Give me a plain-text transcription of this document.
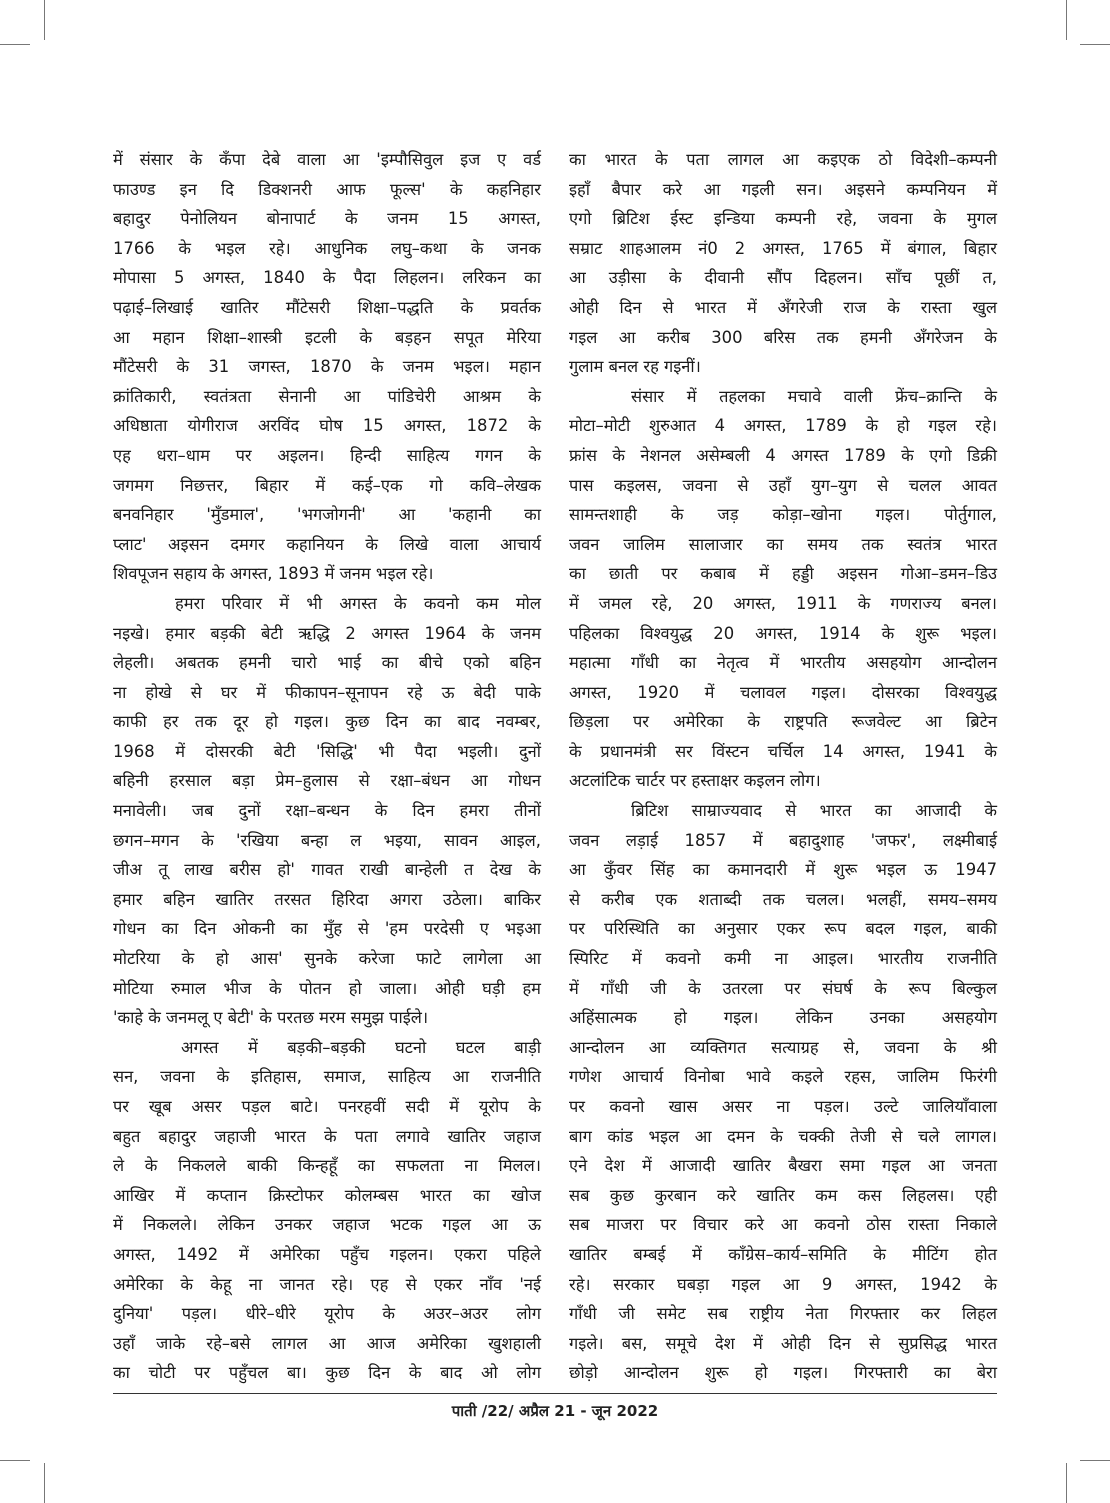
में संसार के कँपा देबे वाला आ 'इम्पौसिवुल इज ए वर्ड
फाउण्ड इन दि डिक्शनरी आफ फूल्स' के कहनिहार
बहादुर पेनोलियन बोनापार्ट के जनम 15 अगस्त,
1766 के भइल रहे। आधुनिक लघु–कथा के जनक
मोपासा 5 अगस्त, 1840 के पैदा लिहलन। लरिकन का
पढ़ाई–लिखाई खातिर मौंटेसरी शिक्षा–पद्धति के प्रवर्तक
आ महान शिक्षा–शास्त्री इटली के बड़हन सपूत मेरिया
मौंटेसरी के 31 जगस्त, 1870 के जनम भइल। महान
क्रांतिकारी, स्वतंत्रता सेनानी आ पांडिचेरी आश्रम के
अधिष्ठाता योगीराज अरविंद घोष 15 अगस्त, 1872 के
एह धरा–धाम पर अइलन। हिन्दी साहित्य गगन के
जगमग निछत्तर, बिहार में कई–एक गो कवि–लेखक
बनवनिहार 'मुँडमाल', 'भगजोगनी' आ 'कहानी का
प्लाट' अइसन दमगर कहानियन के लिखे वाला आचार्य
शिवपूजन सहाय के अगस्त, 1893 में जनम भइल रहे।
हमरा परिवार में भी अगस्त के कवनो कम मोल
नइखे। हमार बड़की बेटी ऋद्धि 2 अगस्त 1964 के जनम
लेहली। अबतक हमनी चारो भाई का बीचे एको बहिन
ना होखे से घर में फीकापन–सूनापन रहे ऊ बेदी पाके
काफी हर तक दूर हो गइल। कुछ दिन का बाद नवम्बर,
1968 में दोसरकी बेटी 'सिद्धि' भी पैदा भइली। दुनों
बहिनी हरसाल बड़ा प्रेम–हुलास से रक्षा–बंधन आ गोधन
मनावेली। जब दुनों रक्षा–बन्धन के दिन हमरा तीनों
छगन–मगन के 'रखिया बन्हा ल भइया, सावन आइल,
जीअ तू लाख बरीस हो' गावत राखी बान्हेली त देख के
हमार बहिन खातिर तरसत हिरिदा अगरा उठेला। बाकिर
गोधन का दिन ओकनी का मुँह से 'हम परदेसी ए भइआ
मोटरिया के हो आस' सुनके करेजा फाटे लागेला आ
मोटिया रुमाल भीज के पोतन हो जाला। ओही घड़ी हम
'काहे के जनमलू ए बेटी' के परतछ मरम समुझ पाईले।
अगस्त में बड़की–बड़की घटनो घटल बाड़ी
सन, जवना के इतिहास, समाज, साहित्य आ राजनीति
पर खूब असर पड़ल बाटे। पनरहवीं सदी में यूरोप के
बहुत बहादुर जहाजी भारत के पता लगावे खातिर जहाज
ले के निकलले बाकी किन्हहूँ का सफलता ना मिलल।
आखिर में कप्तान क्रिस्टोफर कोलम्बस भारत का खोज
में निकलले। लेकिन उनकर जहाज भटक गइल आ ऊ
अगस्त, 1492 में अमेरिका पहुँच गइलन। एकरा पहिले
अमेरिका के केहू ना जानत रहे। एह से एकर नाँव 'नई
दुनिया' पड़ल। धीरे–धीरे यूरोप के अउर–अउर लोग
उहाँ जाके रहे–बसे लागल आ आज अमेरिका खुशहाली
का चोटी पर पहुँचल बा। कुछ दिन के बाद ओ लोग
का भारत के पता लागल आ कइएक ठो विदेशी–कम्पनी
इहाँ बैपार करे आ गइली सन। अइसने कम्पनियन में
एगो ब्रिटिश ईस्ट इन्डिया कम्पनी रहे, जवना के मुगल
सम्राट शाहआलम नं0 2 अगस्त, 1765 में बंगाल, बिहार
आ उड़ीसा के दीवानी सौंप दिहलन। साँच पूछीं त,
ओही दिन से भारत में अँगरेजी राज के रास्ता खुल
गइल आ करीब 300 बरिस तक हमनी अँगरेजन के
गुलाम बनल रह गइनीं।
संसार में तहलका मचावे वाली फ्रेंच–क्रान्ति के
मोटा–मोटी शुरुआत 4 अगस्त, 1789 के हो गइल रहे।
फ्रांस के नेशनल असेम्बली 4 अगस्त 1789 के एगो डिक्री
पास कइलस, जवना से उहाँ युग–युग से चलल आवत
सामन्तशाही के जड़ कोड़ा–खोना गइल। पोर्तुगाल,
जवन जालिम सालाजार का समय तक स्वतंत्र भारत
का छाती पर कबाब में हड्डी अइसन गोआ–डमन–डिउ
में जमल रहे, 20 अगस्त, 1911 के गणराज्य बनल।
पहिलका विश्वयुद्ध 20 अगस्त, 1914 के शुरू भइल।
महात्मा गाँधी का नेतृत्व में भारतीय असहयोग आन्दोलन
अगस्त, 1920 में चलावल गइल। दोसरका विश्वयुद्ध
छिड़ला पर अमेरिका के राष्ट्रपति रूजवेल्ट आ ब्रिटेन
के प्रधानमंत्री सर विंस्टन चर्चिल 14 अगस्त, 1941 के
अटलांटिक चार्टर पर हस्ताक्षर कइलन लोग।
ब्रिटिश साम्राज्यवाद से भारत का आजादी के
जवन लड़ाई 1857 में बहादुशाह 'जफर', लक्ष्मीबाई
आ कुँवर सिंह का कमानदारी में शुरू भइल ऊ 1947
से करीब एक शताब्दी तक चलल। भलहीं, समय–समय
पर परिस्थिति का अनुसार एकर रूप बदल गइल, बाकी
स्पिरिट में कवनो कमी ना आइल। भारतीय राजनीति
में गाँधी जी के उतरला पर संघर्ष के रूप बिल्कुल
अहिंसात्मक हो गइल। लेकिन उनका असहयोग
आन्दोलन आ व्यक्तिगत सत्याग्रह से, जवना के श्री
गणेश आचार्य विनोबा भावे कइले रहस, जालिम फिरंगी
पर कवनो खास असर ना पड़ल। उल्टे जालियाँवाला
बाग कांड भइल आ दमन के चक्की तेजी से चले लागल।
एने देश में आजादी खातिर बैखरा समा गइल आ जनता
सब कुछ कुरबान करे खातिर कम कस लिहलस। एही
सब माजरा पर विचार करे आ कवनो ठोस रास्ता निकाले
खातिर बम्बई में कॉंग्रेस–कार्य–समिति के मीटिंग होत
रहे। सरकार घबड़ा गइल आ 9 अगस्त, 1942 के
गाँधी जी समेट सब राष्ट्रीय नेता गिरफ्तार कर लिहल
गइले। बस, समूचे देश में ओही दिन से सुप्रसिद्ध भारत
छोड़ो आन्दोलन शुरू हो गइल। गिरफ्तारी का बेरा
पाती /22/ अप्रैल 21 - जून 2022
